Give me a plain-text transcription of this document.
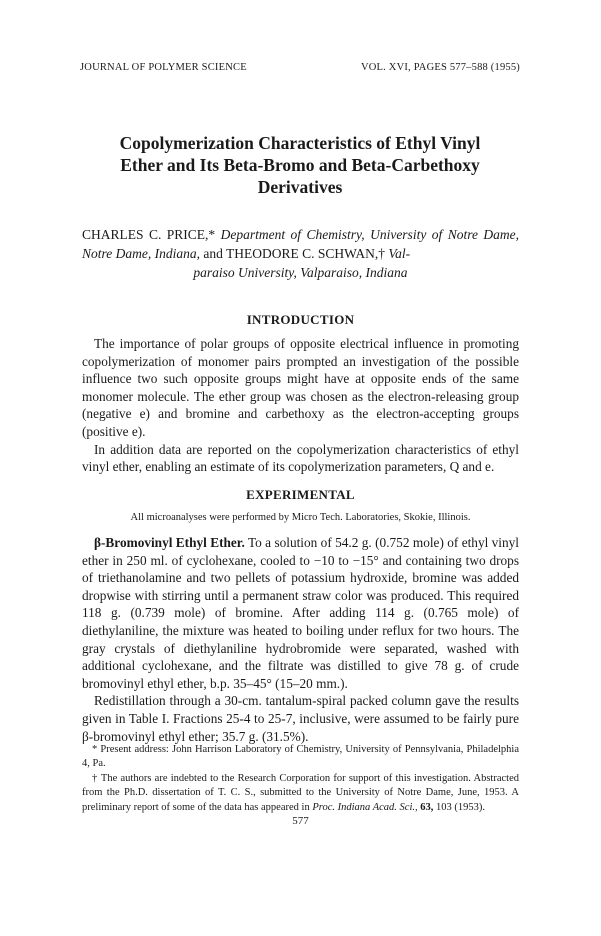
JOURNAL OF POLYMER SCIENCE	VOL. XVI, PAGES 577–588 (1955)
Copolymerization Characteristics of Ethyl Vinyl
Ether and Its Beta-Bromo and Beta-Carbethoxy
Derivatives
CHARLES C. PRICE,* Department of Chemistry, University of Notre Dame, Notre Dame, Indiana, and THEODORE C. SCHWAN,† Val-
paraiso University, Valparaiso, Indiana
INTRODUCTION

The importance of polar groups of opposite electrical influence in promoting copolymerization of monomer pairs prompted an investigation of the possible influence two such opposite groups might have at opposite ends of the same monomer molecule. The ether group was chosen as the electron-releasing group (negative e) and bromine and carbethoxy as the electron-accepting groups (positive e).

In addition data are reported on the copolymerization characteristics of ethyl vinyl ether, enabling an estimate of its copolymerization parameters, Q and e.

EXPERIMENTAL
All microanalyses were performed by Micro Tech. Laboratories, Skokie, Illinois.

β-Bromovinyl Ethyl Ether. To a solution of 54.2 g. (0.752 mole) of ethyl vinyl ether in 250 ml. of cyclohexane, cooled to −10 to −15° and containing two drops of triethanolamine and two pellets of potassium hydroxide, bromine was added dropwise with stirring until a permanent straw color was produced. This required 118 g. (0.739 mole) of bromine. After adding 114 g. (0.765 mole) of diethylaniline, the mixture was heated to boiling under reflux for two hours. The gray crystals of diethylaniline hydrobromide were separated, washed with additional cyclohexane, and the filtrate was distilled to give 78 g. of crude bromovinyl ethyl ether, b.p. 35–45° (15–20 mm.).

Redistillation through a 30-cm. tantalum-spiral packed column gave the results given in Table I. Fractions 25-4 to 25-7, inclusive, were assumed to be fairly pure β-bromovinyl ethyl ether; 35.7 g. (31.5%).

* Present address: John Harrison Laboratory of Chemistry, University of Pennsylvania, Philadelphia 4, Pa.

† The authors are indebted to the Research Corporation for support of this investigation. Abstracted from the Ph.D. dissertation of T. C. S., submitted to the University of Notre Dame, June, 1953. A preliminary report of some of the data has appeared in Proc. Indiana Acad. Sci., 63, 103 (1953).

577
